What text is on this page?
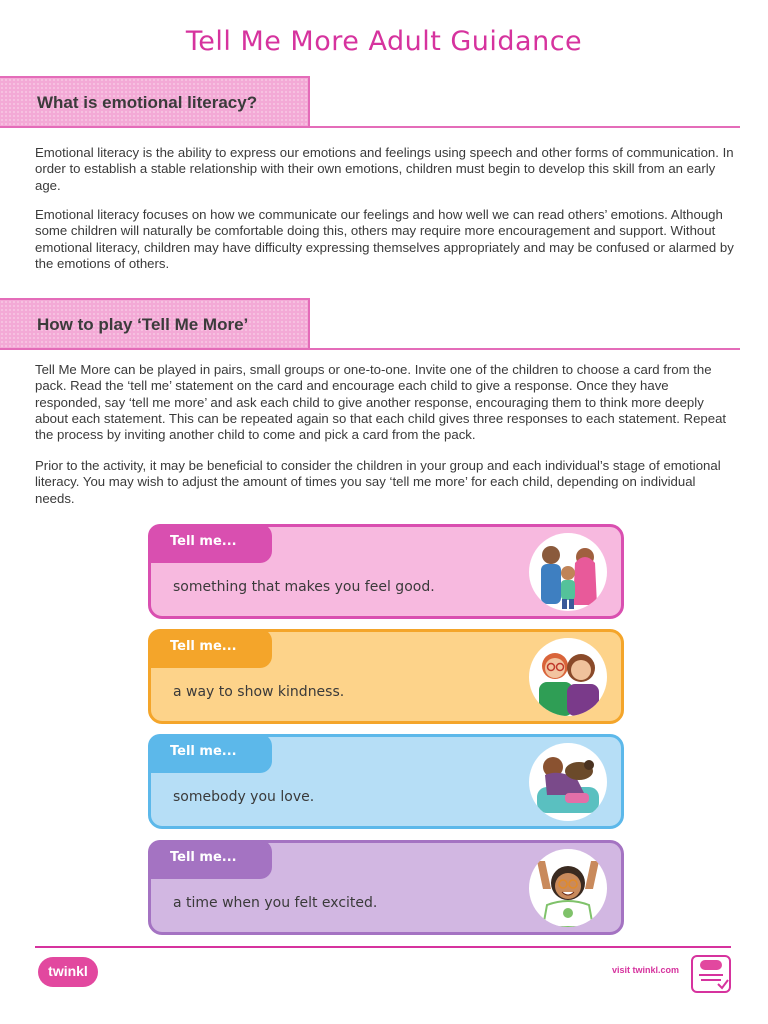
Tell Me More Adult Guidance
What is emotional literacy?

Emotional literacy is the ability to express our emotions and feelings using speech and other forms of communication. In order to establish a stable relationship with their own emotions, children must begin to develop this skill from an early age.

Emotional literacy focuses on how we communicate our feelings and how well we can read others’ emotions. Although some children will naturally be comfortable doing this, others may require more encouragement and support. Without emotional literacy, children may have difficulty expressing themselves appropriately and may be confused or alarmed by the emotions of others.

How to play ‘Tell Me More’

Tell Me More can be played in pairs, small groups or one-to-one. Invite one of the children to choose a card from the pack. Read the ‘tell me’ statement on the card and encourage each child to give a response. Once they have responded, say ‘tell me more’ and ask each child to give another response, encouraging them to think more deeply about each statement. This can be repeated again so that each child gives three responses to each statement. Repeat the process by inviting another child to come and pick a card from the pack.

Prior to the activity, it may be beneficial to consider the children in your group and each individual’s stage of emotional literacy. You may wish to adjust the amount of times you say ‘tell me more’ for each child, depending on individual needs.

Tell me...
something that makes you feel good.
Tell me...
a way to show kindness.
Tell me...
somebody you love.
Tell me...
a time when you felt excited.
twinkl	visit twinkl.com
